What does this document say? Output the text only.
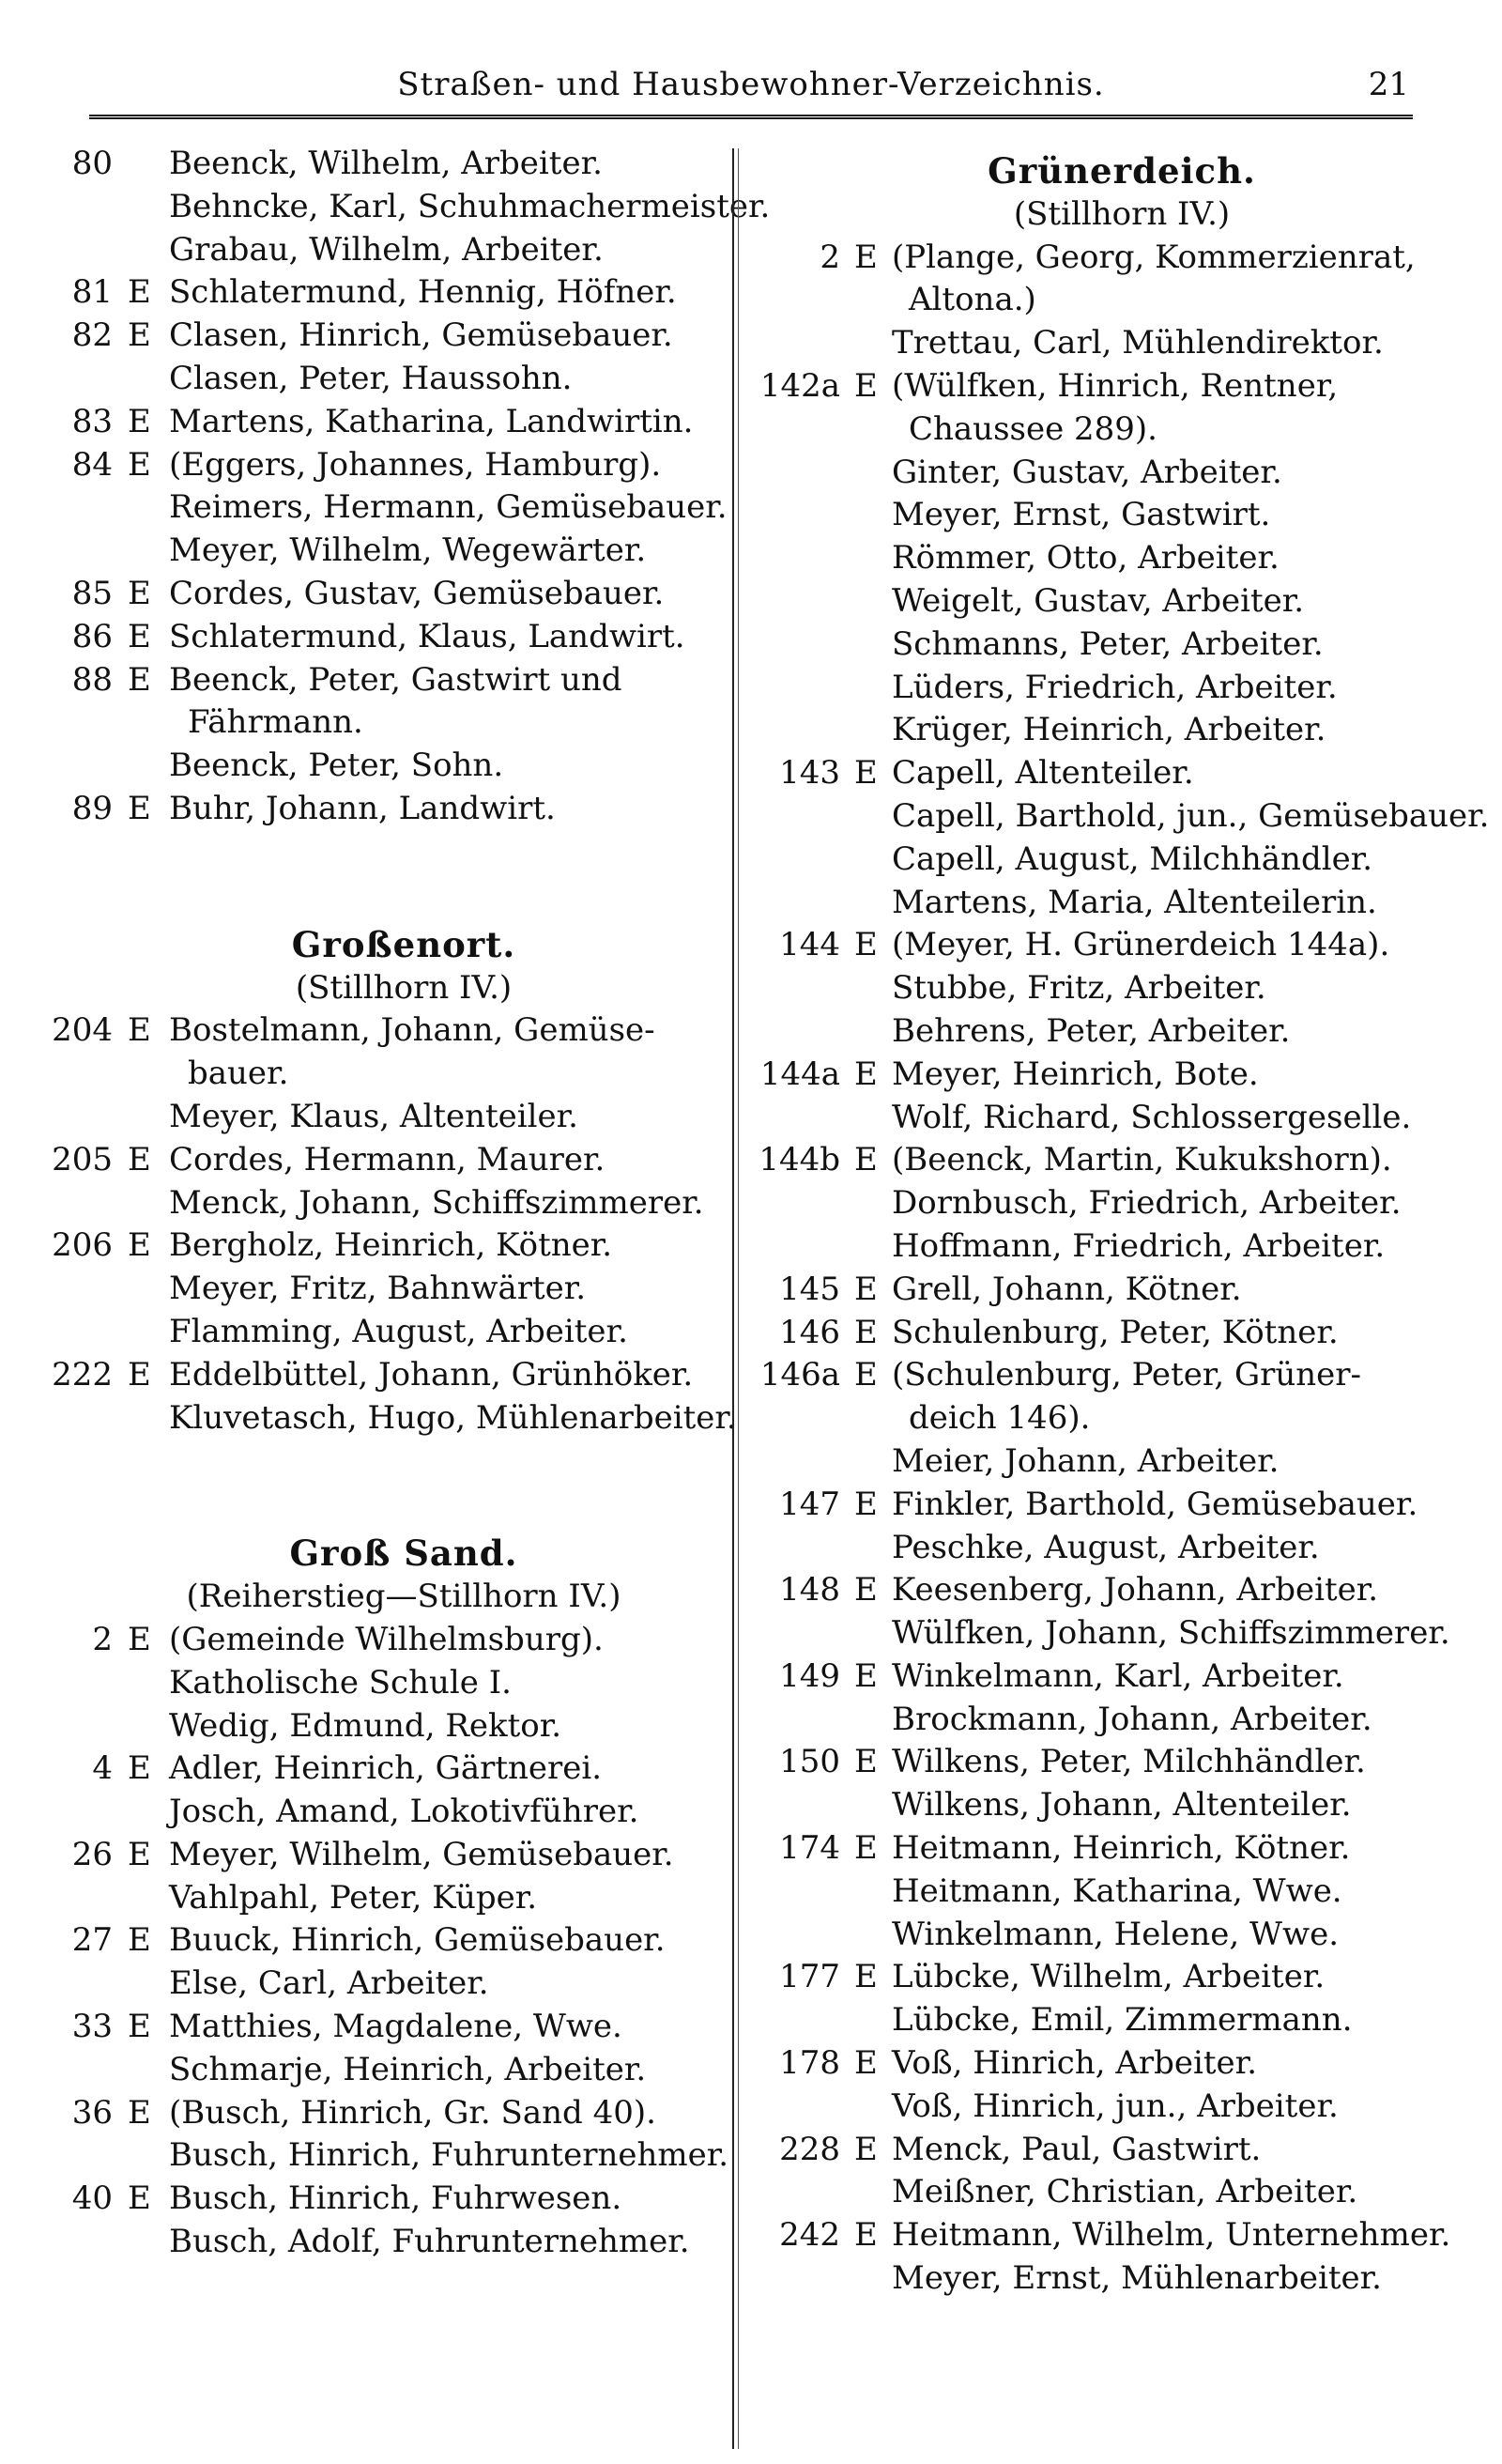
Straßen- und Hausbewohner-Verzeichnis.	21
80 Beenck, Wilhelm, Arbeiter.
Behncke, Karl, Schuhmachermeister.
Grabau, Wilhelm, Arbeiter.
81 E Schlatermund, Hennig, Höfner.
82 E Clasen, Hinrich, Gemüsebauer.
Clasen, Peter, Haussohn.
83 E Martens, Katharina, Landwirtin.
84 E (Eggers, Johannes, Hamburg).
Reimers, Hermann, Gemüsebauer.
Meyer, Wilhelm, Wegewärter.
85 E Cordes, Gustav, Gemüsebauer.
86 E Schlatermund, Klaus, Landwirt.
88 E Beenck, Peter, Gastwirt und
Fährmann.
Beenck, Peter, Sohn.
89 E Buhr, Johann, Landwirt.
Großenort.
(Stillhorn IV.)
204 E Bostelmann, Johann, Gemüse-
bauer.
Meyer, Klaus, Altenteiler.
205 E Cordes, Hermann, Maurer.
Menck, Johann, Schiffszimmerer.
206 E Bergholz, Heinrich, Kötner.
Meyer, Fritz, Bahnwärter.
Flamming, August, Arbeiter.
222 E Eddelbüttel, Johann, Grünhöker.
Kluvetasch, Hugo, Mühlenarbeiter.
Groß Sand.
(Reiherstieg—Stillhorn IV.)
2 E (Gemeinde Wilhelmsburg).
Katholische Schule I.
Wedig, Edmund, Rektor.
4 E Adler, Heinrich, Gärtnerei.
Josch, Amand, Lokotivführer.
26 E Meyer, Wilhelm, Gemüsebauer.
Vahlpahl, Peter, Küper.
27 E Buuck, Hinrich, Gemüsebauer.
Else, Carl, Arbeiter.
33 E Matthies, Magdalene, Wwe.
Schmarje, Heinrich, Arbeiter.
36 E (Busch, Hinrich, Gr. Sand 40).
Busch, Hinrich, Fuhrunternehmer.
40 E Busch, Hinrich, Fuhrwesen.
Busch, Adolf, Fuhrunternehmer.
Grünerdeich.
(Stillhorn IV.)
2 E (Plange, Georg, Kommerzienrat,
Altona.)
Trettau, Carl, Mühlendirektor.
142a E (Wülfken, Hinrich, Rentner,
Chaussee 289).
Ginter, Gustav, Arbeiter.
Meyer, Ernst, Gastwirt.
Römmer, Otto, Arbeiter.
Weigelt, Gustav, Arbeiter.
Schmanns, Peter, Arbeiter.
Lüders, Friedrich, Arbeiter.
Krüger, Heinrich, Arbeiter.
143 E Capell, Altenteiler.
Capell, Barthold, jun., Gemüsebauer.
Capell, August, Milchhändler.
Martens, Maria, Altenteilerin.
144 E (Meyer, H. Grünerdeich 144a).
Stubbe, Fritz, Arbeiter.
Behrens, Peter, Arbeiter.
144a E Meyer, Heinrich, Bote.
Wolf, Richard, Schlossergeselle.
144b E (Beenck, Martin, Kukukshorn).
Dornbusch, Friedrich, Arbeiter.
Hoffmann, Friedrich, Arbeiter.
145 E Grell, Johann, Kötner.
146 E Schulenburg, Peter, Kötner.
146a E (Schulenburg, Peter, Grüner-
deich 146).
Meier, Johann, Arbeiter.
147 E Finkler, Barthold, Gemüsebauer.
Peschke, August, Arbeiter.
148 E Keesenberg, Johann, Arbeiter.
Wülfken, Johann, Schiffszimmerer.
149 E Winkelmann, Karl, Arbeiter.
Brockmann, Johann, Arbeiter.
150 E Wilkens, Peter, Milchhändler.
Wilkens, Johann, Altenteiler.
174 E Heitmann, Heinrich, Kötner.
Heitmann, Katharina, Wwe.
Winkelmann, Helene, Wwe.
177 E Lübcke, Wilhelm, Arbeiter.
Lübcke, Emil, Zimmermann.
178 E Voß, Hinrich, Arbeiter.
Voß, Hinrich, jun., Arbeiter.
228 E Menck, Paul, Gastwirt.
Meißner, Christian, Arbeiter.
242 E Heitmann, Wilhelm, Unternehmer.
Meyer, Ernst, Mühlenarbeiter.
